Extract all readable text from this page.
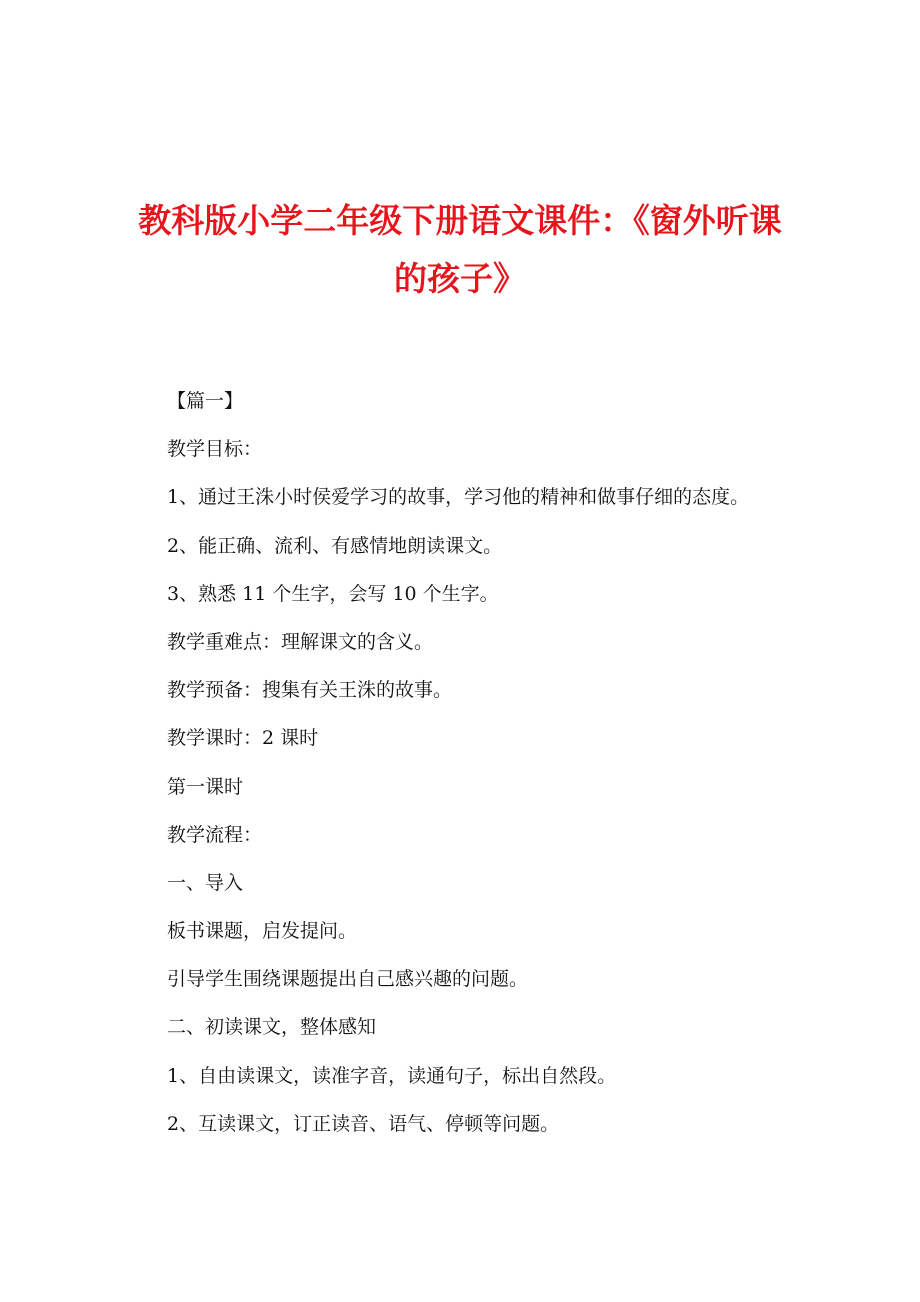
教科版小学二年级下册语文课件：《窗外听课
的孩子》

【篇一】

教学目标：

1、通过王洙小时侯爱学习的故事，学习他的精神和做事仔细的态度。

2、能正确、流利、有感情地朗读课文。

3、熟悉 11 个生字，会写 10 个生字。

教学重难点：理解课文的含义。

教学预备：搜集有关王洙的故事。

教学课时：2 课时

第一课时

教学流程：

一、导入

板书课题，启发提问。

引导学生围绕课题提出自己感兴趣的问题。

二、初读课文，整体感知

1、自由读课文，读准字音，读通句子，标出自然段。

2、互读课文，订正读音、语气、停顿等问题。
